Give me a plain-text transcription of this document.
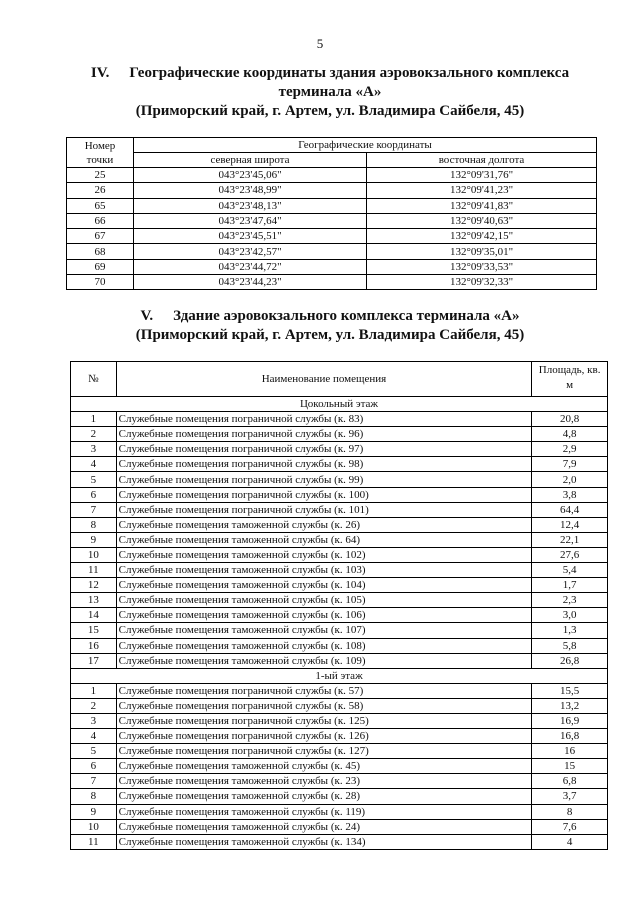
5
IV. Географические координаты здания аэровокзального комплекса
терминала «А»
(Приморский край, г. Артем, ул. Владимира Сайбеля, 45)
Номер
точки	Географические координаты	
	северная широта	восточная долгота
25	043°23'45,06"	132°09'31,76"
26	043°23'48,99"	132°09'41,23"
65	043°23'48,13"	132°09'41,83"
66	043°23'47,64"	132°09'40,63"
67	043°23'45,51"	132°09'42,15"
68	043°23'42,57"	132°09'35,01"
69	043°23'44,72"	132°09'33,53"
70	043°23'44,23"	132°09'32,33"
V. Здание аэровокзального комплекса терминала «А»
(Приморский край, г. Артем, ул. Владимира Сайбеля, 45)
№	Наименование помещения	Площадь, кв.
м

Цокольный этаж		
1	Служебные помещения пограничной службы (к. 83)	20,8
2	Служебные помещения пограничной службы (к. 96)	4,8
3	Служебные помещения пограничной службы (к. 97)	2,9
4	Служебные помещения пограничной службы (к. 98)	7,9
5	Служебные помещения пограничной службы (к. 99)	2,0
6	Служебные помещения пограничной службы (к. 100)	3,8
7	Служебные помещения пограничной службы (к. 101)	64,4
8	Служебные помещения таможенной службы (к. 26)	12,4
9	Служебные помещения таможенной службы (к. 64)	22,1
10	Служебные помещения таможенной службы (к. 102)	27,6
11	Служебные помещения таможенной службы (к. 103)	5,4
12	Служебные помещения таможенной службы (к. 104)	1,7
13	Служебные помещения таможенной службы (к. 105)	2,3
14	Служебные помещения таможенной службы (к. 106)	3,0
15	Служебные помещения таможенной службы (к. 107)	1,3
16	Служебные помещения таможенной службы (к. 108)	5,8
17	Служебные помещения таможенной службы (к. 109)	26,8
1-ый этаж		
1	Служебные помещения пограничной службы (к. 57)	15,5
2	Служебные помещения пограничной службы (к. 58)	13,2
3	Служебные помещения пограничной службы (к. 125)	16,9
4	Служебные помещения пограничной службы (к. 126)	16,8
5	Служебные помещения пограничной службы (к. 127)	16
6	Служебные помещения таможенной службы (к. 45)	15
7	Служебные помещения таможенной службы (к. 23)	6,8
8	Служебные помещения таможенной службы (к. 28)	3,7
9	Служебные помещения таможенной службы (к. 119)	8
10	Служебные помещения таможенной службы (к. 24)	7,6
11	Служебные помещения таможенной службы (к. 134)	4
